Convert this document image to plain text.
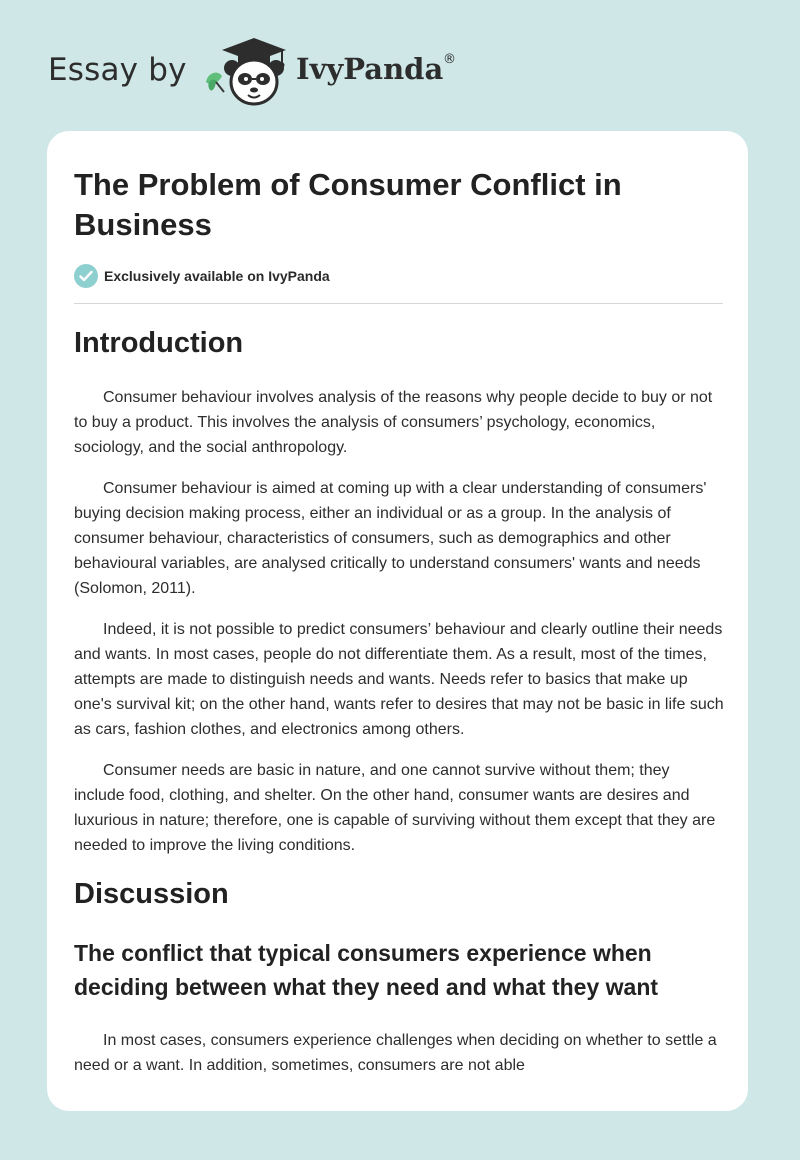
Essay by	IvyPanda ®
The Problem of Consumer Conflict in Business
Exclusively available on IvyPanda
Introduction

Consumer behaviour involves analysis of the reasons why people decide to buy or not to buy a product. This involves the analysis of consumers’ psychology, economics, sociology, and the social anthropology.

Consumer behaviour is aimed at coming up with a clear understanding of consumers' buying decision making process, either an individual or as a group. In the analysis of consumer behaviour, characteristics of consumers, such as demographics and other behavioural variables, are analysed critically to understand consumers' wants and needs (Solomon, 2011).

Indeed, it is not possible to predict consumers’ behaviour and clearly outline their needs and wants. In most cases, people do not differentiate them. As a result, most of the times, attempts are made to distinguish needs and wants. Needs refer to basics that make up one's survival kit; on the other hand, wants refer to desires that may not be basic in life such as cars, fashion clothes, and electronics among others.

Consumer needs are basic in nature, and one cannot survive without them; they include food, clothing, and shelter. On the other hand, consumer wants are desires and luxurious in nature; therefore, one is capable of surviving without them except that they are needed to improve the living conditions.

Discussion
The conflict that typical consumers experience when deciding between what they need and what they want

In most cases, consumers experience challenges when deciding on whether to settle a need or a want. In addition, sometimes, consumers are not able
